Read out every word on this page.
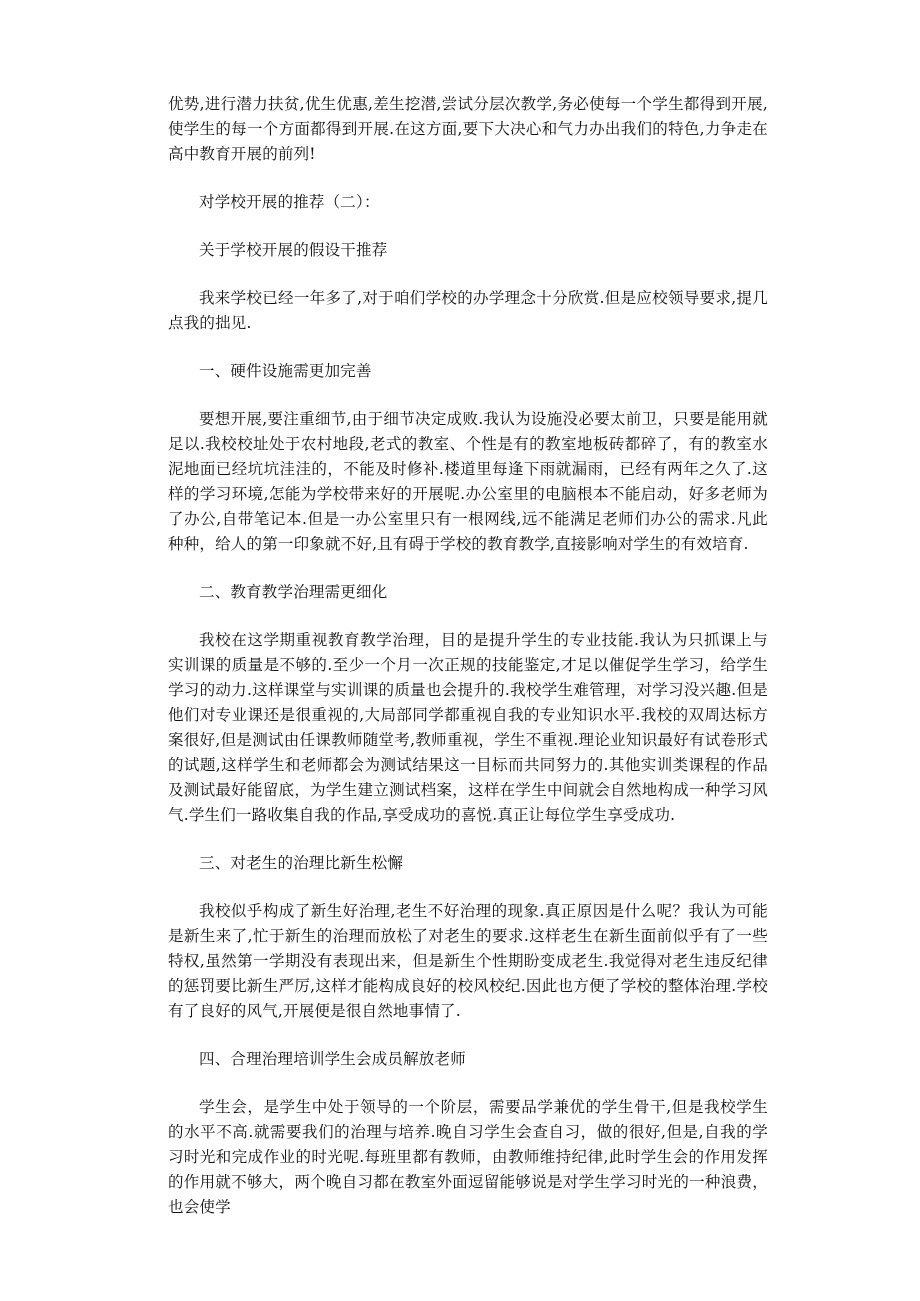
优势,进行潜力扶贫,优生优惠,差生挖潜,尝试分层次教学,务必使每一个学生都得到开展,使学生的每一个方面都得到开展.在这方面,要下大决心和气力办出我们的特色,力争走在高中教育开展的前列!

对学校开展的推荐（二）：

关于学校开展的假设干推荐

我来学校已经一年多了,对于咱们学校的办学理念十分欣赏.但是应校领导要求,提几点我的拙见.

一、硬件设施需更加完善

要想开展,要注重细节,由于细节决定成败.我认为设施没必要太前卫，只要是能用就足以.我校校址处于农村地段,老式的教室、个性是有的教室地板砖都碎了，有的教室水泥地面已经坑坑洼洼的，不能及时修补.楼道里每逢下雨就漏雨，已经有两年之久了.这样的学习环境,怎能为学校带来好的开展呢.办公室里的电脑根本不能启动，好多老师为了办公,自带笔记本.但是一办公室里只有一根网线,远不能满足老师们办公的需求.凡此种种，给人的第一印象就不好,且有碍于学校的教育教学,直接影响对学生的有效培育.

二、教育教学治理需更细化

我校在这学期重视教育教学治理，目的是提升学生的专业技能.我认为只抓课上与实训课的质量是不够的.至少一个月一次正规的技能鉴定,才足以催促学生学习，给学生学习的动力.这样课堂与实训课的质量也会提升的.我校学生难管理，对学习没兴趣.但是他们对专业课还是很重视的,大局部同学都重视自我的专业知识水平.我校的双周达标方案很好,但是测试由任课教师随堂考,教师重视，学生不重视.理论业知识最好有试卷形式的试题,这样学生和老师都会为测试结果这一目标而共同努力的.其他实训类课程的作品及测试最好能留底，为学生建立测试档案，这样在学生中间就会自然地构成一种学习风气.学生们一路收集自我的作品,享受成功的喜悦.真正让每位学生享受成功.

三、对老生的治理比新生松懈

我校似乎构成了新生好治理,老生不好治理的现象.真正原因是什么呢？我认为可能是新生来了,忙于新生的治理而放松了对老生的要求.这样老生在新生面前似乎有了一些特权,虽然第一学期没有表现出来，但是新生个性期盼变成老生.我觉得对老生违反纪律的惩罚要比新生严厉,这样才能构成良好的校风校纪.因此也方便了学校的整体治理.学校有了良好的风气,开展便是很自然地事情了.

四、合理治理培训学生会成员解放老师

学生会，是学生中处于领导的一个阶层，需要品学兼优的学生骨干,但是我校学生的水平不高.就需要我们的治理与培养.晚自习学生会查自习，做的很好,但是,自我的学习时光和完成作业的时光呢.每班里都有教师，由教师维持纪律,此时学生会的作用发挥的作用就不够大，两个晚自习都在教室外面逗留能够说是对学生学习时光的一种浪费，也会使学
